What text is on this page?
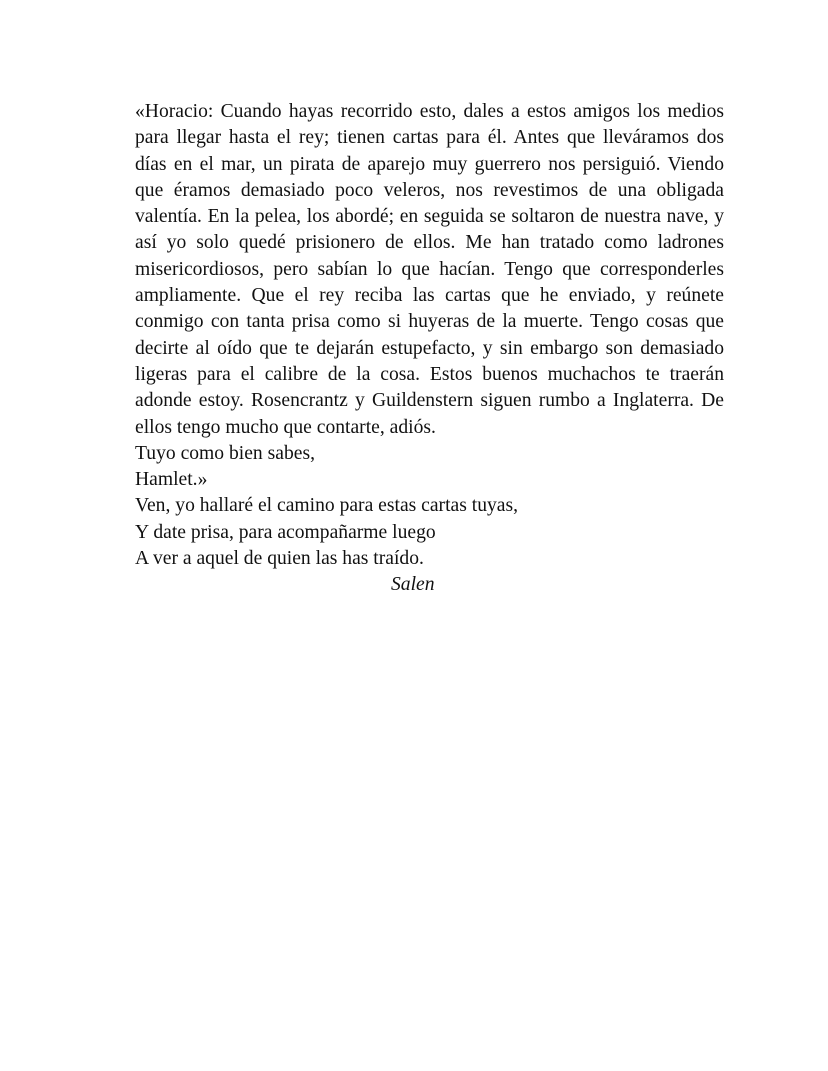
«Horacio: Cuando hayas recorrido esto, dales a estos amigos los medios para llegar hasta el rey; tienen cartas para él. Antes que lleváramos dos días en el mar, un pirata de aparejo muy guerrero nos persiguió. Viendo que éramos demasiado poco veleros, nos revestimos de una obligada valentía. En la pelea, los abordé; en seguida se soltaron de nuestra nave, y así yo solo quedé prisionero de ellos. Me han tratado como ladrones misericordiosos, pero sabían lo que hacían. Tengo que corresponderles ampliamente. Que el rey reciba las cartas que he enviado, y reúnete conmigo con tanta prisa como si huyeras de la muerte. Tengo cosas que decirte al oído que te dejarán estupefacto, y sin embargo son demasiado ligeras para el calibre de la cosa. Estos buenos muchachos te traerán adonde estoy. Rosencrantz y Guildenstern siguen rumbo a Inglaterra. De ellos tengo mucho que contarte, adiós.

Tuyo como bien sabes,
Hamlet.»
Ven, yo hallaré el camino para estas cartas tuyas,
Y date prisa, para acompañarme luego
A ver a aquel de quien las has traído.
Salen
